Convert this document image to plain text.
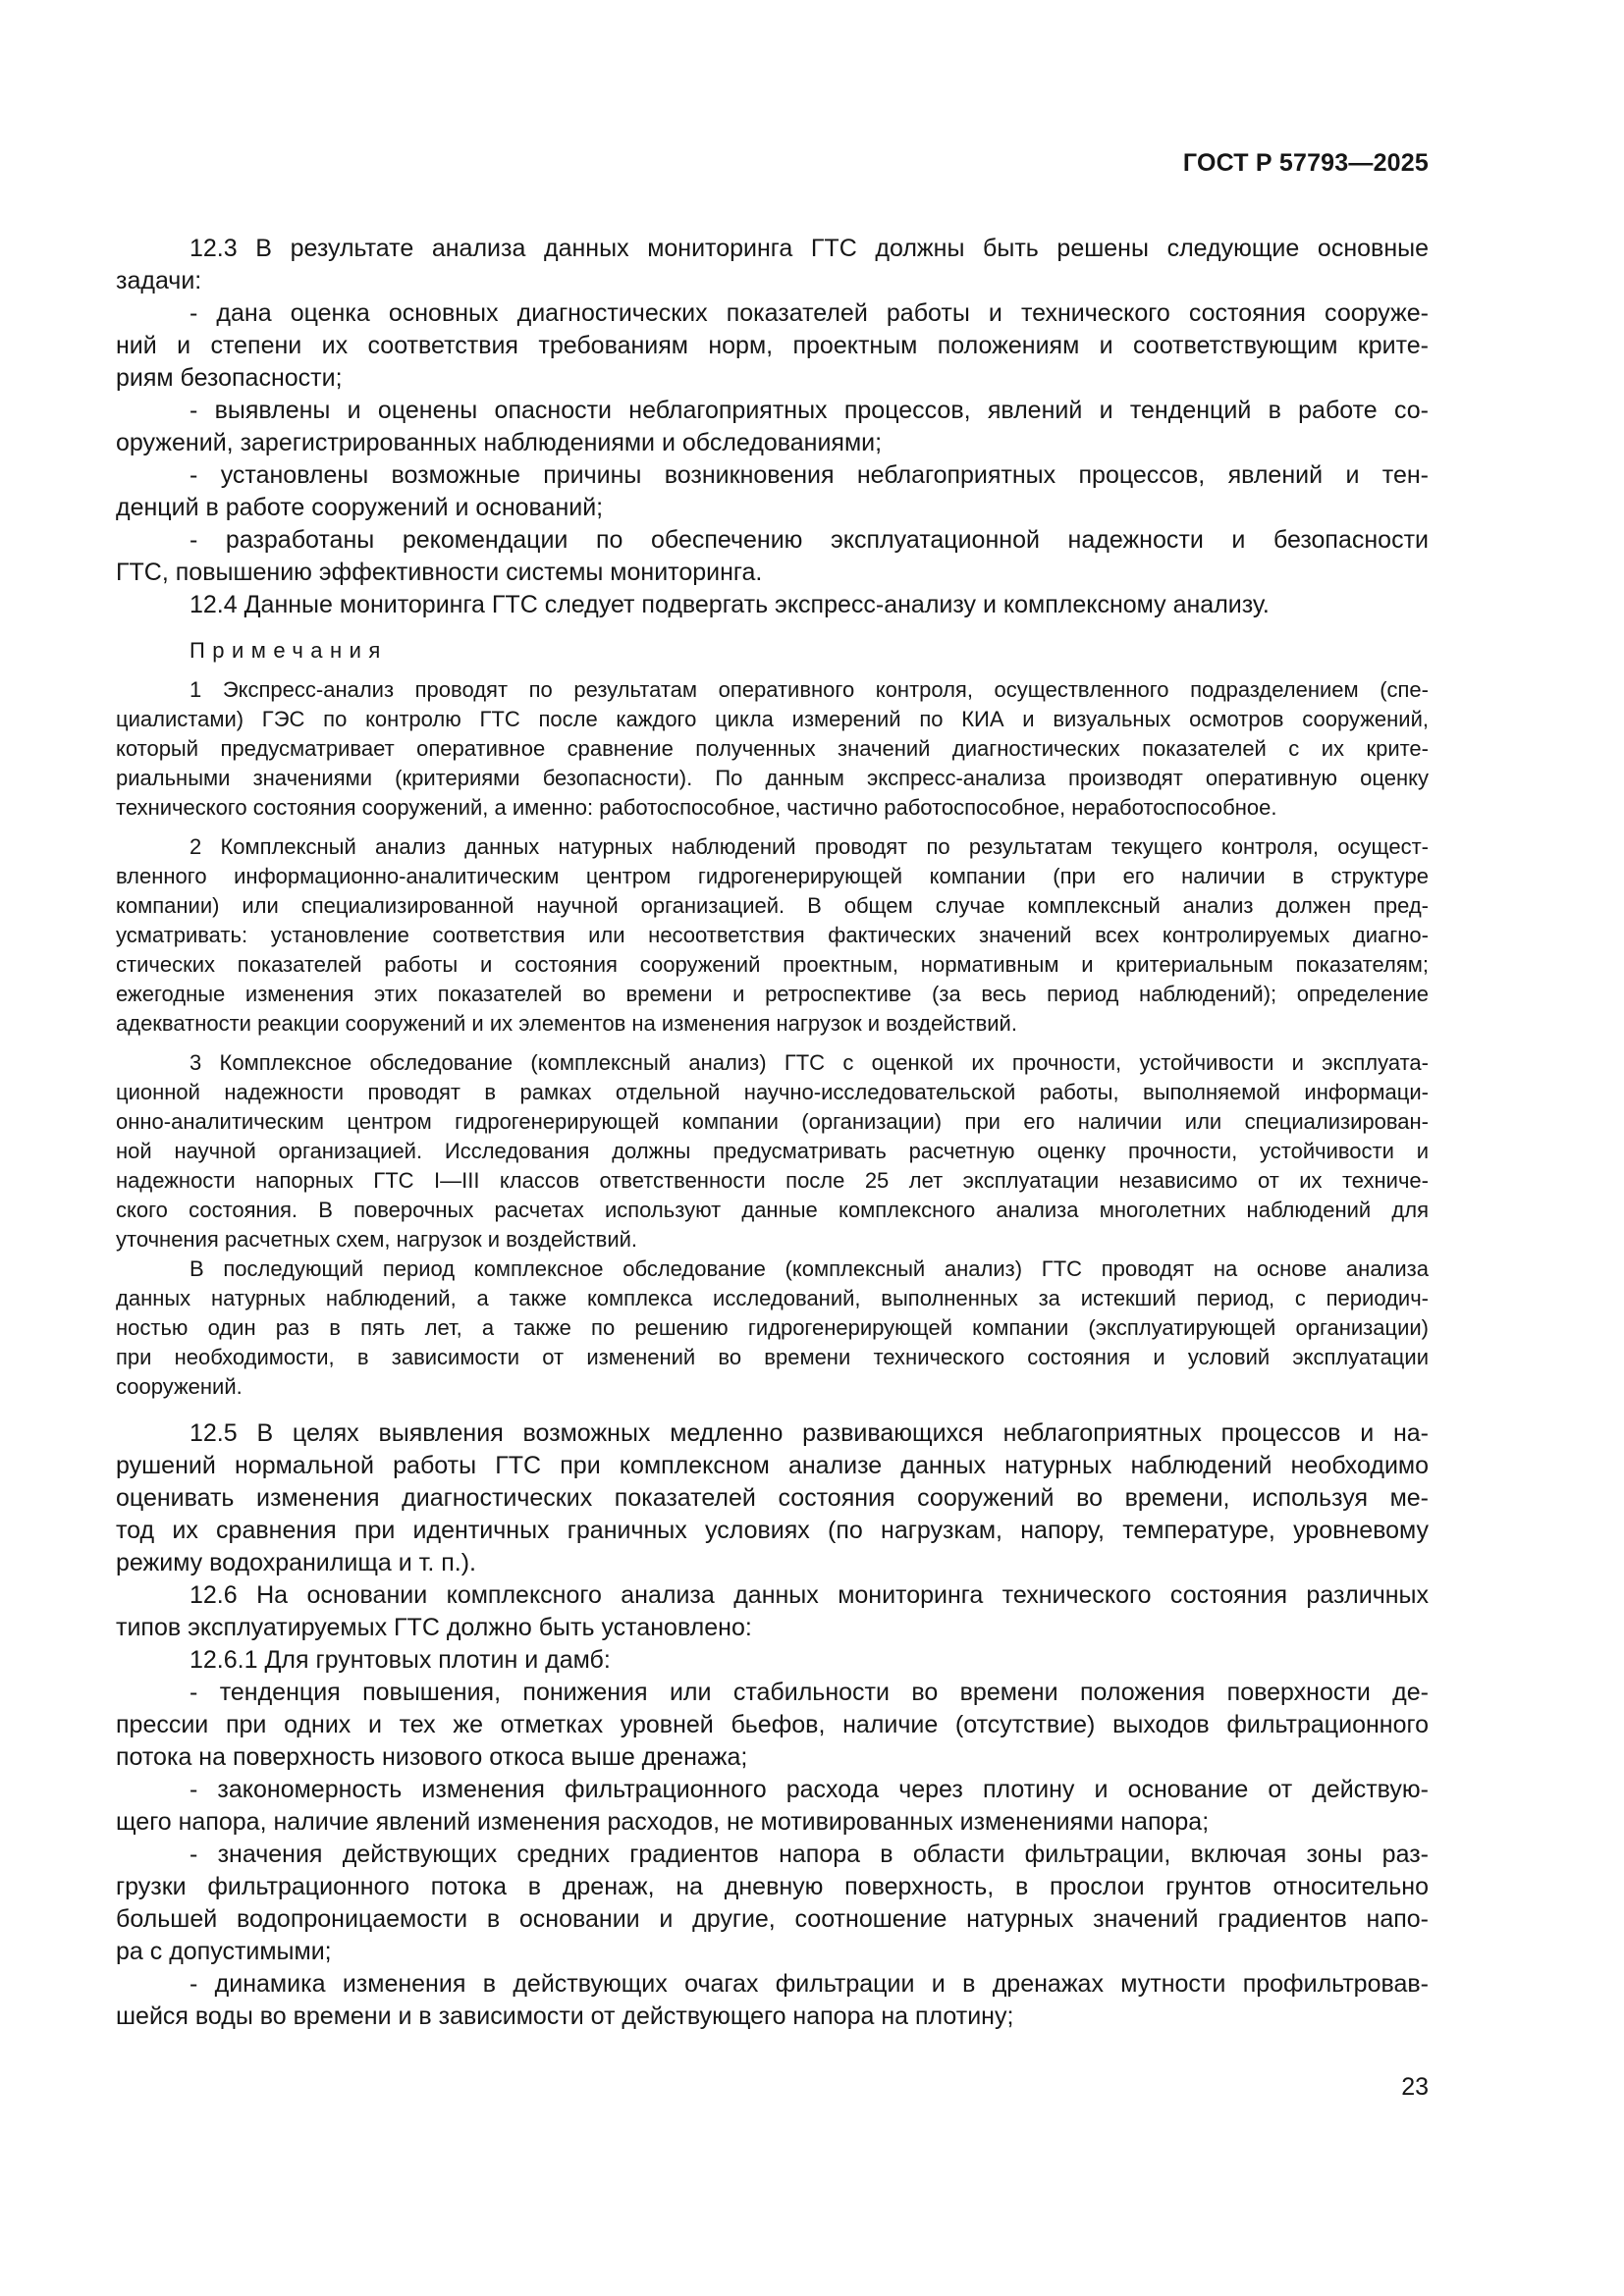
ГОСТ Р 57793—2025
12.3 В результате анализа данных мониторинга ГТС должны быть решены следующие основные
задачи:
- дана оценка основных диагностических показателей работы и технического состояния сооруже-
ний и степени их соответствия требованиям норм, проектным положениям и соответствующим крите-
риям безопасности;
- выявлены и оценены опасности неблагоприятных процессов, явлений и тенденций в работе со-
оружений, зарегистрированных наблюдениями и обследованиями;
- установлены возможные причины возникновения неблагоприятных процессов, явлений и тен-
денций в работе сооружений и оснований;
- разработаны рекомендации по обеспечению эксплуатационной надежности и безопасности
ГТС, повышению эффективности системы мониторинга.
12.4 Данные мониторинга ГТС следует подвергать экспресс-анализу и комплексному анализу.
Примечания
1 Экспресс-анализ проводят по результатам оперативного контроля, осуществленного подразделением (спе-
циалистами) ГЭС по контролю ГТС после каждого цикла измерений по КИА и визуальных осмотров сооружений,
который предусматривает оперативное сравнение полученных значений диагностических показателей с их крите-
риальными значениями (критериями безопасности). По данным экспресс-анализа производят оперативную оценку
технического состояния сооружений, а именно: работоспособное, частично работоспособное, неработоспособное.
2 Комплексный анализ данных натурных наблюдений проводят по результатам текущего контроля, осущест-
вленного информационно-аналитическим центром гидрогенерирующей компании (при его наличии в структуре
компании) или специализированной научной организацией. В общем случае комплексный анализ должен пред-
усматривать: установление соответствия или несоответствия фактических значений всех контролируемых диагно-
стических показателей работы и состояния сооружений проектным, нормативным и критериальным показателям;
ежегодные изменения этих показателей во времени и ретроспективе (за весь период наблюдений); определение
адекватности реакции сооружений и их элементов на изменения нагрузок и воздействий.
3 Комплексное обследование (комплексный анализ) ГТС с оценкой их прочности, устойчивости и эксплуата-
ционной надежности проводят в рамках отдельной научно-исследовательской работы, выполняемой информаци-
онно-аналитическим центром гидрогенерирующей компании (организации) при его наличии или специализирован-
ной научной организацией. Исследования должны предусматривать расчетную оценку прочности, устойчивости и
надежности напорных ГТС I—III классов ответственности после 25 лет эксплуатации независимо от их техниче-
ского состояния. В поверочных расчетах используют данные комплексного анализа многолетних наблюдений для
уточнения расчетных схем, нагрузок и воздействий.
В последующий период комплексное обследование (комплексный анализ) ГТС проводят на основе анализа
данных натурных наблюдений, а также комплекса исследований, выполненных за истекший период, с периодич-
ностью один раз в пять лет, а также по решению гидрогенерирующей компании (эксплуатирующей организации)
при необходимости, в зависимости от изменений во времени технического состояния и условий эксплуатации
сооружений.
12.5 В целях выявления возможных медленно развивающихся неблагоприятных процессов и на-
рушений нормальной работы ГТС при комплексном анализе данных натурных наблюдений необходимо
оценивать изменения диагностических показателей состояния сооружений во времени, используя ме-
тод их сравнения при идентичных граничных условиях (по нагрузкам, напору, температуре, уровневому
режиму водохранилища и т. п.).
12.6 На основании комплексного анализа данных мониторинга технического состояния различных
типов эксплуатируемых ГТС должно быть установлено:
12.6.1 Для грунтовых плотин и дамб:
- тенденция повышения, понижения или стабильности во времени положения поверхности де-
прессии при одних и тех же отметках уровней бьефов, наличие (отсутствие) выходов фильтрационного
потока на поверхность низового откоса выше дренажа;
- закономерность изменения фильтрационного расхода через плотину и основание от действую-
щего напора, наличие явлений изменения расходов, не мотивированных изменениями напора;
- значения действующих средних градиентов напора в области фильтрации, включая зоны раз-
грузки фильтрационного потока в дренаж, на дневную поверхность, в прослои грунтов относительно
большей водопроницаемости в основании и другие, соотношение натурных значений градиентов напо-
ра с допустимыми;
- динамика изменения в действующих очагах фильтрации и в дренажах мутности профильтровав-
шейся воды во времени и в зависимости от действующего напора на плотину;
23
